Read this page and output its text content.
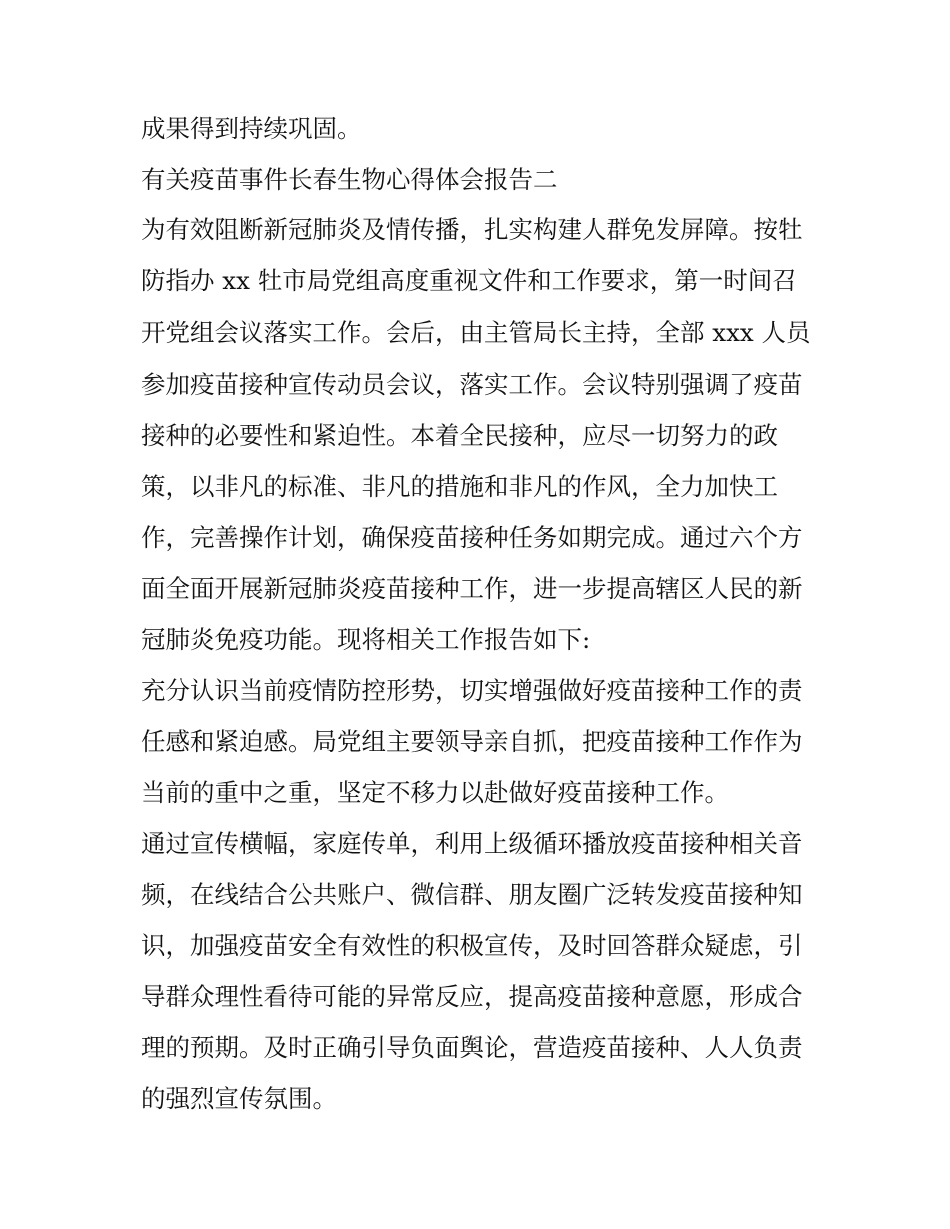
成果得到持续巩固。
有关疫苗事件长春生物心得体会报告二
为有效阻断新冠肺炎及情传播，扎实构建人群免发屏障。按牡
防指办 xx 牡市局党组高度重视文件和工作要求，第一时间召
开党组会议落实工作。会后，由主管局长主持，全部 xxx 人员
参加疫苗接种宣传动员会议，落实工作。会议特别强调了疫苗
接种的必要性和紧迫性。本着全民接种，应尽一切努力的政
策，以非凡的标准、非凡的措施和非凡的作风，全力加快工
作，完善操作计划，确保疫苗接种任务如期完成。通过六个方
面全面开展新冠肺炎疫苗接种工作，进一步提高辖区人民的新
冠肺炎免疫功能。现将相关工作报告如下:
充分认识当前疫情防控形势，切实增强做好疫苗接种工作的责
任感和紧迫感。局党组主要领导亲自抓，把疫苗接种工作作为
当前的重中之重，坚定不移力以赴做好疫苗接种工作。
通过宣传横幅，家庭传单，利用上级循环播放疫苗接种相关音
频，在线结合公共账户、微信群、朋友圈广泛转发疫苗接种知
识，加强疫苗安全有效性的积极宣传，及时回答群众疑虑，引
导群众理性看待可能的异常反应，提高疫苗接种意愿，形成合
理的预期。及时正确引导负面舆论，营造疫苗接种、人人负责
的强烈宣传氛围。
